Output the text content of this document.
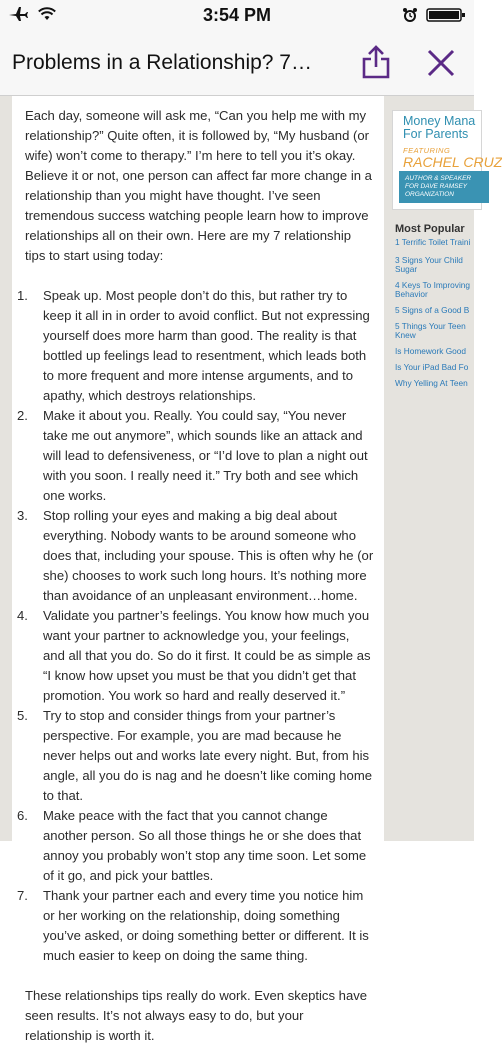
3:54 PM
Problems in a Relationship? 7…

Each day, someone will ask me, “Can you help me with my relationship?” Quite often, it is followed by, “My husband (or wife) won’t come to therapy.” I’m here to tell you it’s okay. Believe it or not, one person can affect far more change in a relationship than you might have thought. I’ve seen tremendous success watching people learn how to improve relationships all on their own. Here are my 7 relationship tips to start using today:

1. Speak up. Most people don’t do this, but rather try to keep it all in in order to avoid conflict. But not expressing yourself does more harm than good. The reality is that bottled up feelings lead to resentment, which leads both to more frequent and more intense arguments, and to apathy, which destroys relationships.
2. Make it about you. Really. You could say, “You never take me out anymore”, which sounds like an attack and will lead to defensiveness, or “I’d love to plan a night out with you soon. I really need it.” Try both and see which one works.
3. Stop rolling your eyes and making a big deal about everything. Nobody wants to be around someone who does that, including your spouse. This is often why he (or she) chooses to work such long hours. It’s nothing more than avoidance of an unpleasant environment…home.
4. Validate you partner’s feelings. You know how much you want your partner to acknowledge you, your feelings, and all that you do. So do it first. It could be as simple as “I know how upset you must be that you didn’t get that promotion. You work so hard and really deserved it.”
5. Try to stop and consider things from your partner’s perspective. For example, you are mad because he never helps out and works late every night. But, from his angle, all you do is nag and he doesn’t like coming home to that.
6. Make peace with the fact that you cannot change another person. So all those things he or she does that annoy you probably won’t stop any time soon. Let some of it go, and pick your battles.
7. Thank your partner each and every time you notice him or her working on the relationship, doing something you’ve asked, or doing something better or different. It is much easier to keep on doing the same thing.

These relationships tips really do work. Even skeptics have seen results. It’s not always easy to do, but your relationship is worth it.

Money Mana
For Parents
FEATURING
RACHEL CRUZ
AUTHOR & SPEAKER
FOR DAVE RAMSEY
ORGANIZATION
Most Popular
1 Terrific Toilet Traini
3 Signs Your Child
Sugar
4 Keys To Improving
Behavior
5 Signs of a Good B
5 Things Your Teen
Knew
Is Homework Good
Is Your iPad Bad Fo
Why Yelling At Teen
